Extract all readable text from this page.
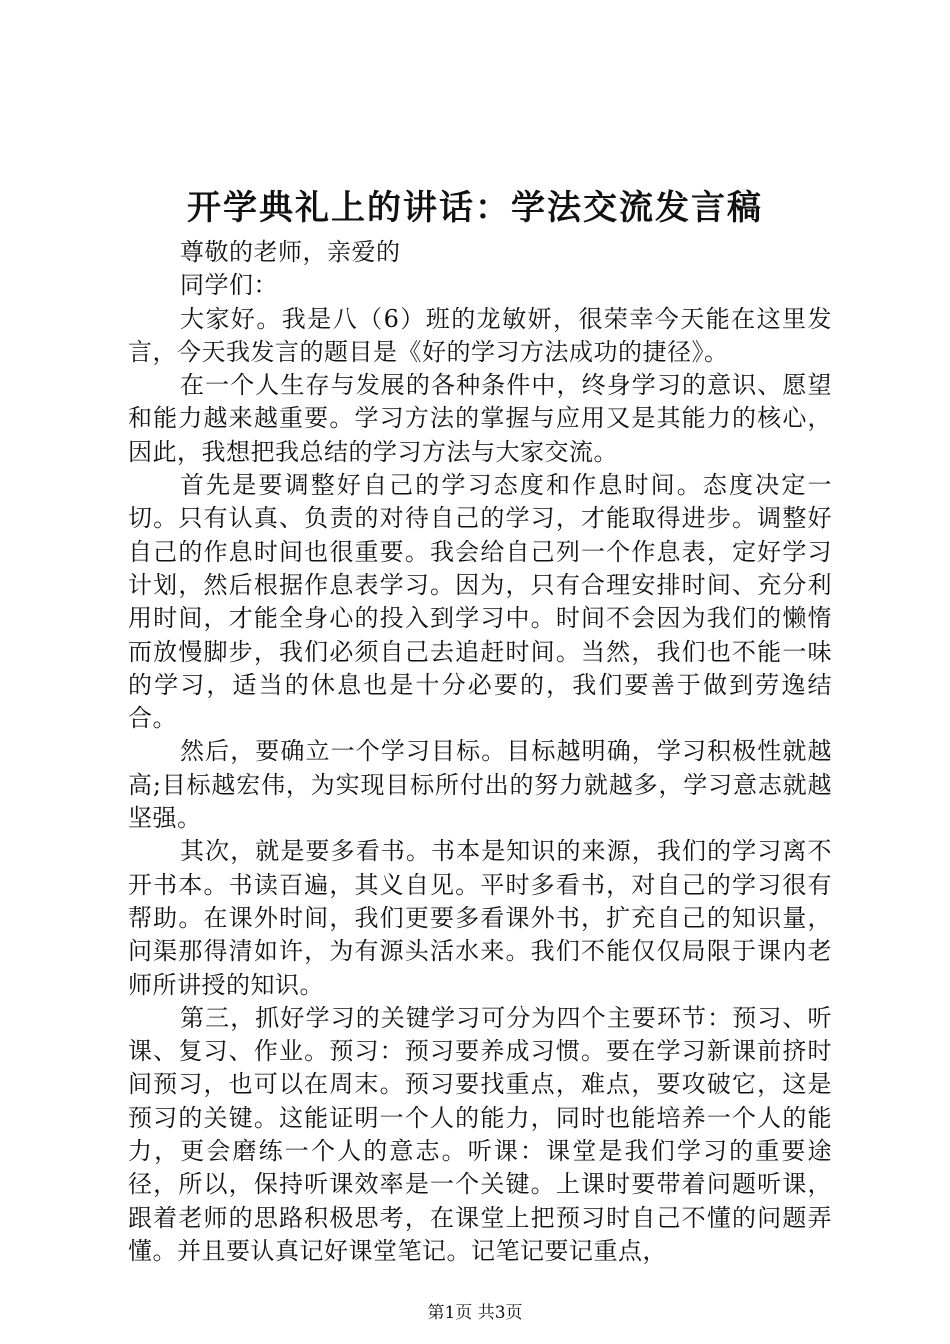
开学典礼上的讲话：学法交流发言稿

尊敬的老师，亲爱的

同学们：

大家好。我是八（6）班的龙敏妍，很荣幸今天能在这里发言，今天我发言的题目是《好的学习方法成功的捷径》。

在一个人生存与发展的各种条件中，终身学习的意识、愿望和能力越来越重要。学习方法的掌握与应用又是其能力的核心，因此，我想把我总结的学习方法与大家交流。

首先是要调整好自己的学习态度和作息时间。态度决定一切。只有认真、负责的对待自己的学习，才能取得进步。调整好自己的作息时间也很重要。我会给自己列一个作息表，定好学习计划，然后根据作息表学习。因为，只有合理安排时间、充分利用时间，才能全身心的投入到学习中。时间不会因为我们的懒惰而放慢脚步，我们必须自己去追赶时间。当然，我们也不能一味的学习，适当的休息也是十分必要的，我们要善于做到劳逸结合。

然后，要确立一个学习目标。目标越明确，学习积极性就越高;目标越宏伟，为实现目标所付出的努力就越多，学习意志就越坚强。

其次，就是要多看书。书本是知识的来源，我们的学习离不开书本。书读百遍，其义自见。平时多看书，对自己的学习很有帮助。在课外时间，我们更要多看课外书，扩充自己的知识量，问渠那得清如许，为有源头活水来。我们不能仅仅局限于课内老师所讲授的知识。

第三，抓好学习的关键学习可分为四个主要环节：预习、听课、复习、作业。预习：预习要养成习惯。要在学习新课前挤时间预习，也可以在周末。预习要找重点，难点，要攻破它，这是预习的关键。这能证明一个人的能力，同时也能培养一个人的能力，更会磨练一个人的意志。听课：课堂是我们学习的重要途径，所以，保持听课效率是一个关键。上课时要带着问题听课，跟着老师的思路积极思考，在课堂上把预习时自己不懂的问题弄懂。并且要认真记好课堂笔记。记笔记要记重点，

第1页 共3页
